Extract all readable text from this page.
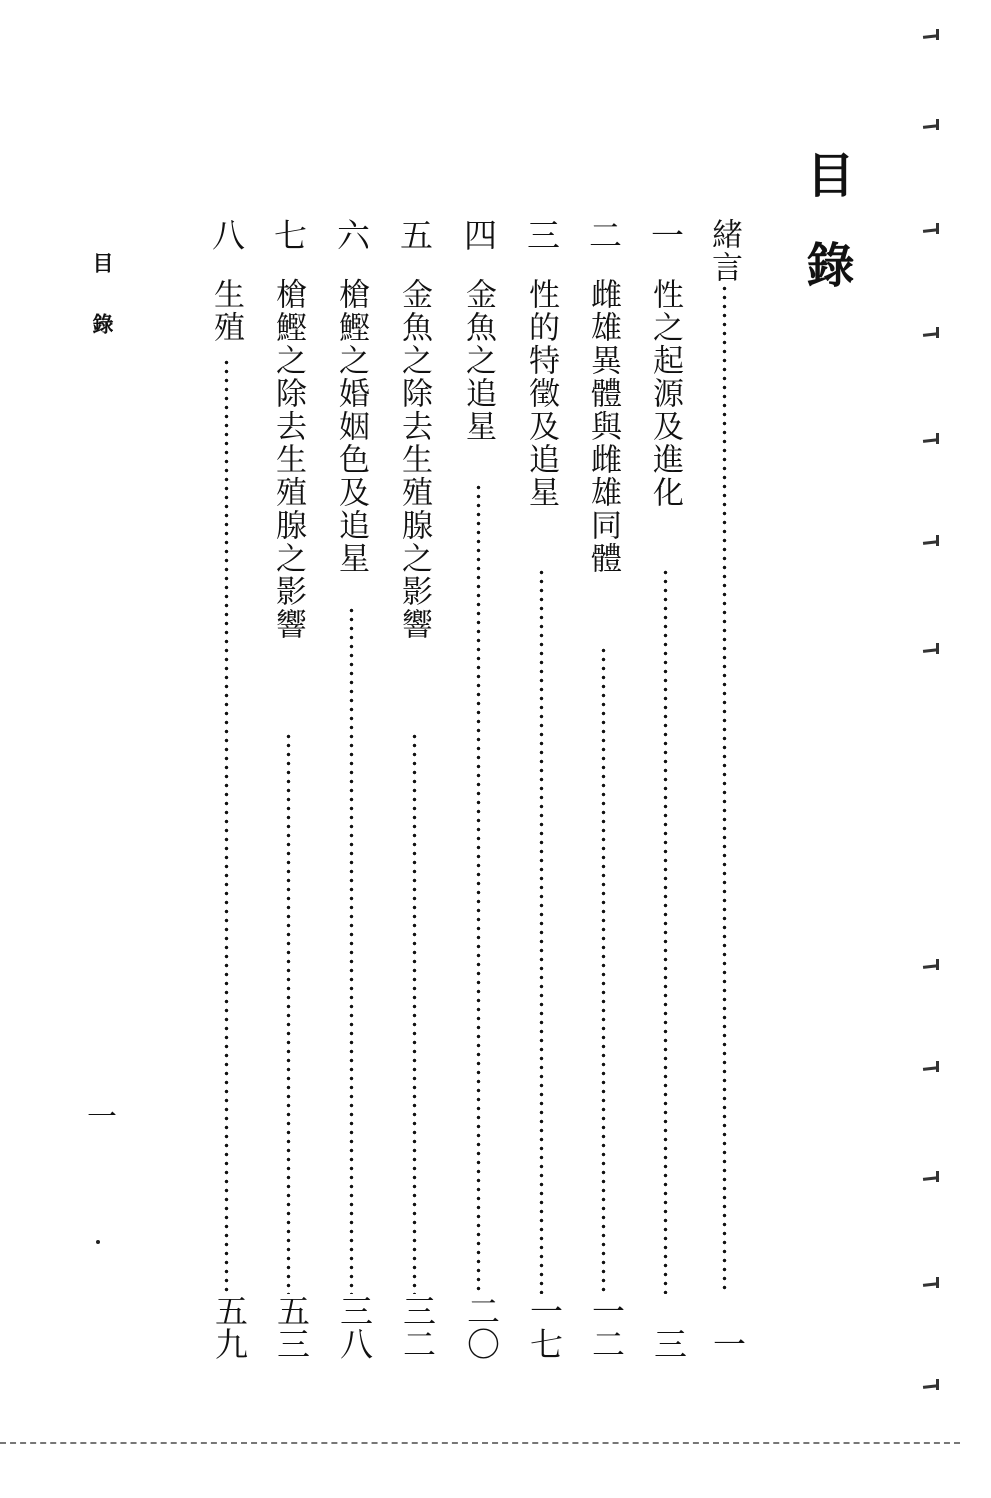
目錄
緒言
一
一
性之起源及進化
三
二
雌雄異體與雌雄同體
一二
三
性的特徵及追星
一七
四
金魚之追星
二〇
五
金魚之除去生殖腺之影響
三二
六
槍鰹之婚姻色及追星
三八
七
槍鰹之除去生殖腺之影響
五三
八
生殖
五九
目錄
一
